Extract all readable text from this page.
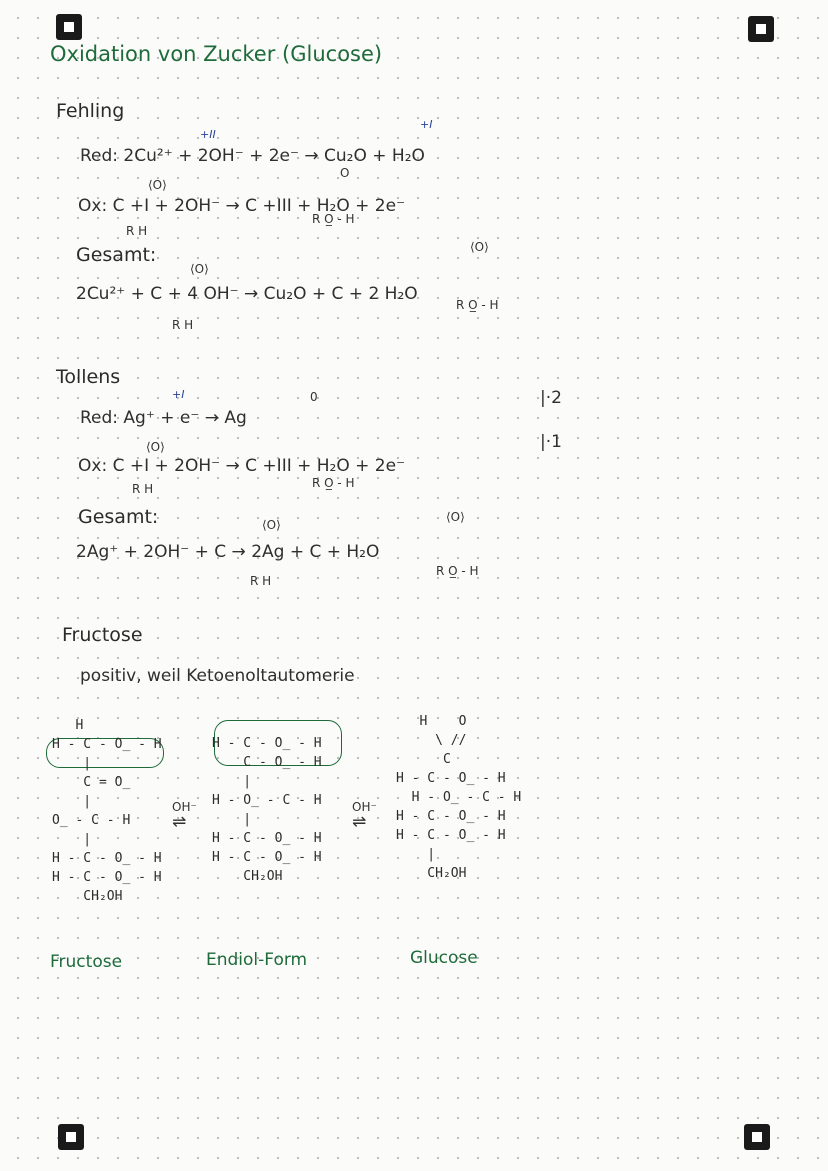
Oxidation von Zucker (Glucose)
Fehling
+II
+I
Red: 2Cu²⁺ + 2OH⁻ + 2e⁻ → Cu₂O + H₂O
⟨O⟩
O
Ox: C +I + 2OH⁻ → C +III + H₂O + 2e⁻
R H
R O̲ - H
Gesamt:
⟨O⟩
⟨O⟩
2Cu²⁺ + C + 4 OH⁻ → Cu₂O + C + 2 H₂O
R H
R O̲ - H
Tollens
+I	0
Red: Ag⁺ + e⁻ → Ag
|·2
⟨O⟩
Ox: C +I + 2OH⁻ → C +III + H₂O + 2e⁻
|·1
R H	R O̲ - H
Gesamt:	⟨O⟩
⟨O⟩
2Ag⁺ + 2OH⁻ + C → 2Ag + C + H₂O
R H
R O̲ - H
Fructose
positiv, weil Ketoenoltautomerie
H
H - C - O̲ - H
|
C = O̲
|
O̲ - C - H
|
H - C - O̲ - H
H - C - O̲ - H
CH₂OH
OH⁻
⇌
H - C - O̲ - H
C - O̲ - H
|
H - O̲ - C - H
|
H - C - O̲ - H
H - C - O̲ - H
CH₂OH

OH⁻
⇌
H    O
\ //
C
H - C - O̲ - H
H - O̲ - C - H
H - C - O̲ - H
H - C - O̲ - H
|
CH₂OH

Fructose	Endiol-Form	Glucose
